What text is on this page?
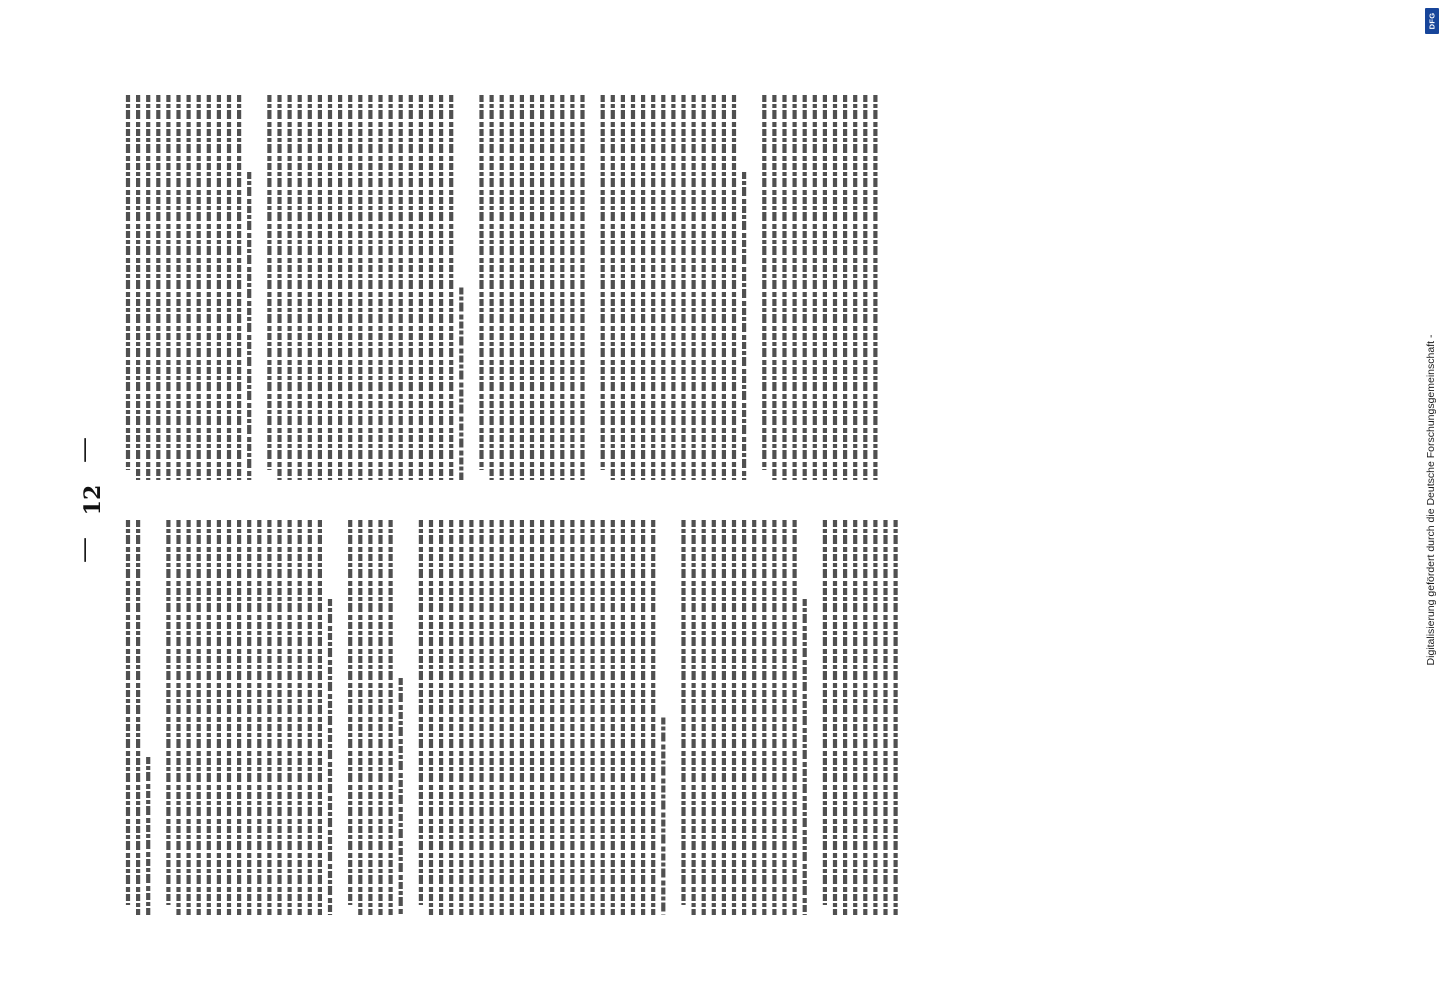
—
12
—	Digitalisierung gefördert durch die Deutsche Forschungsgemeinschaft -
DFG
